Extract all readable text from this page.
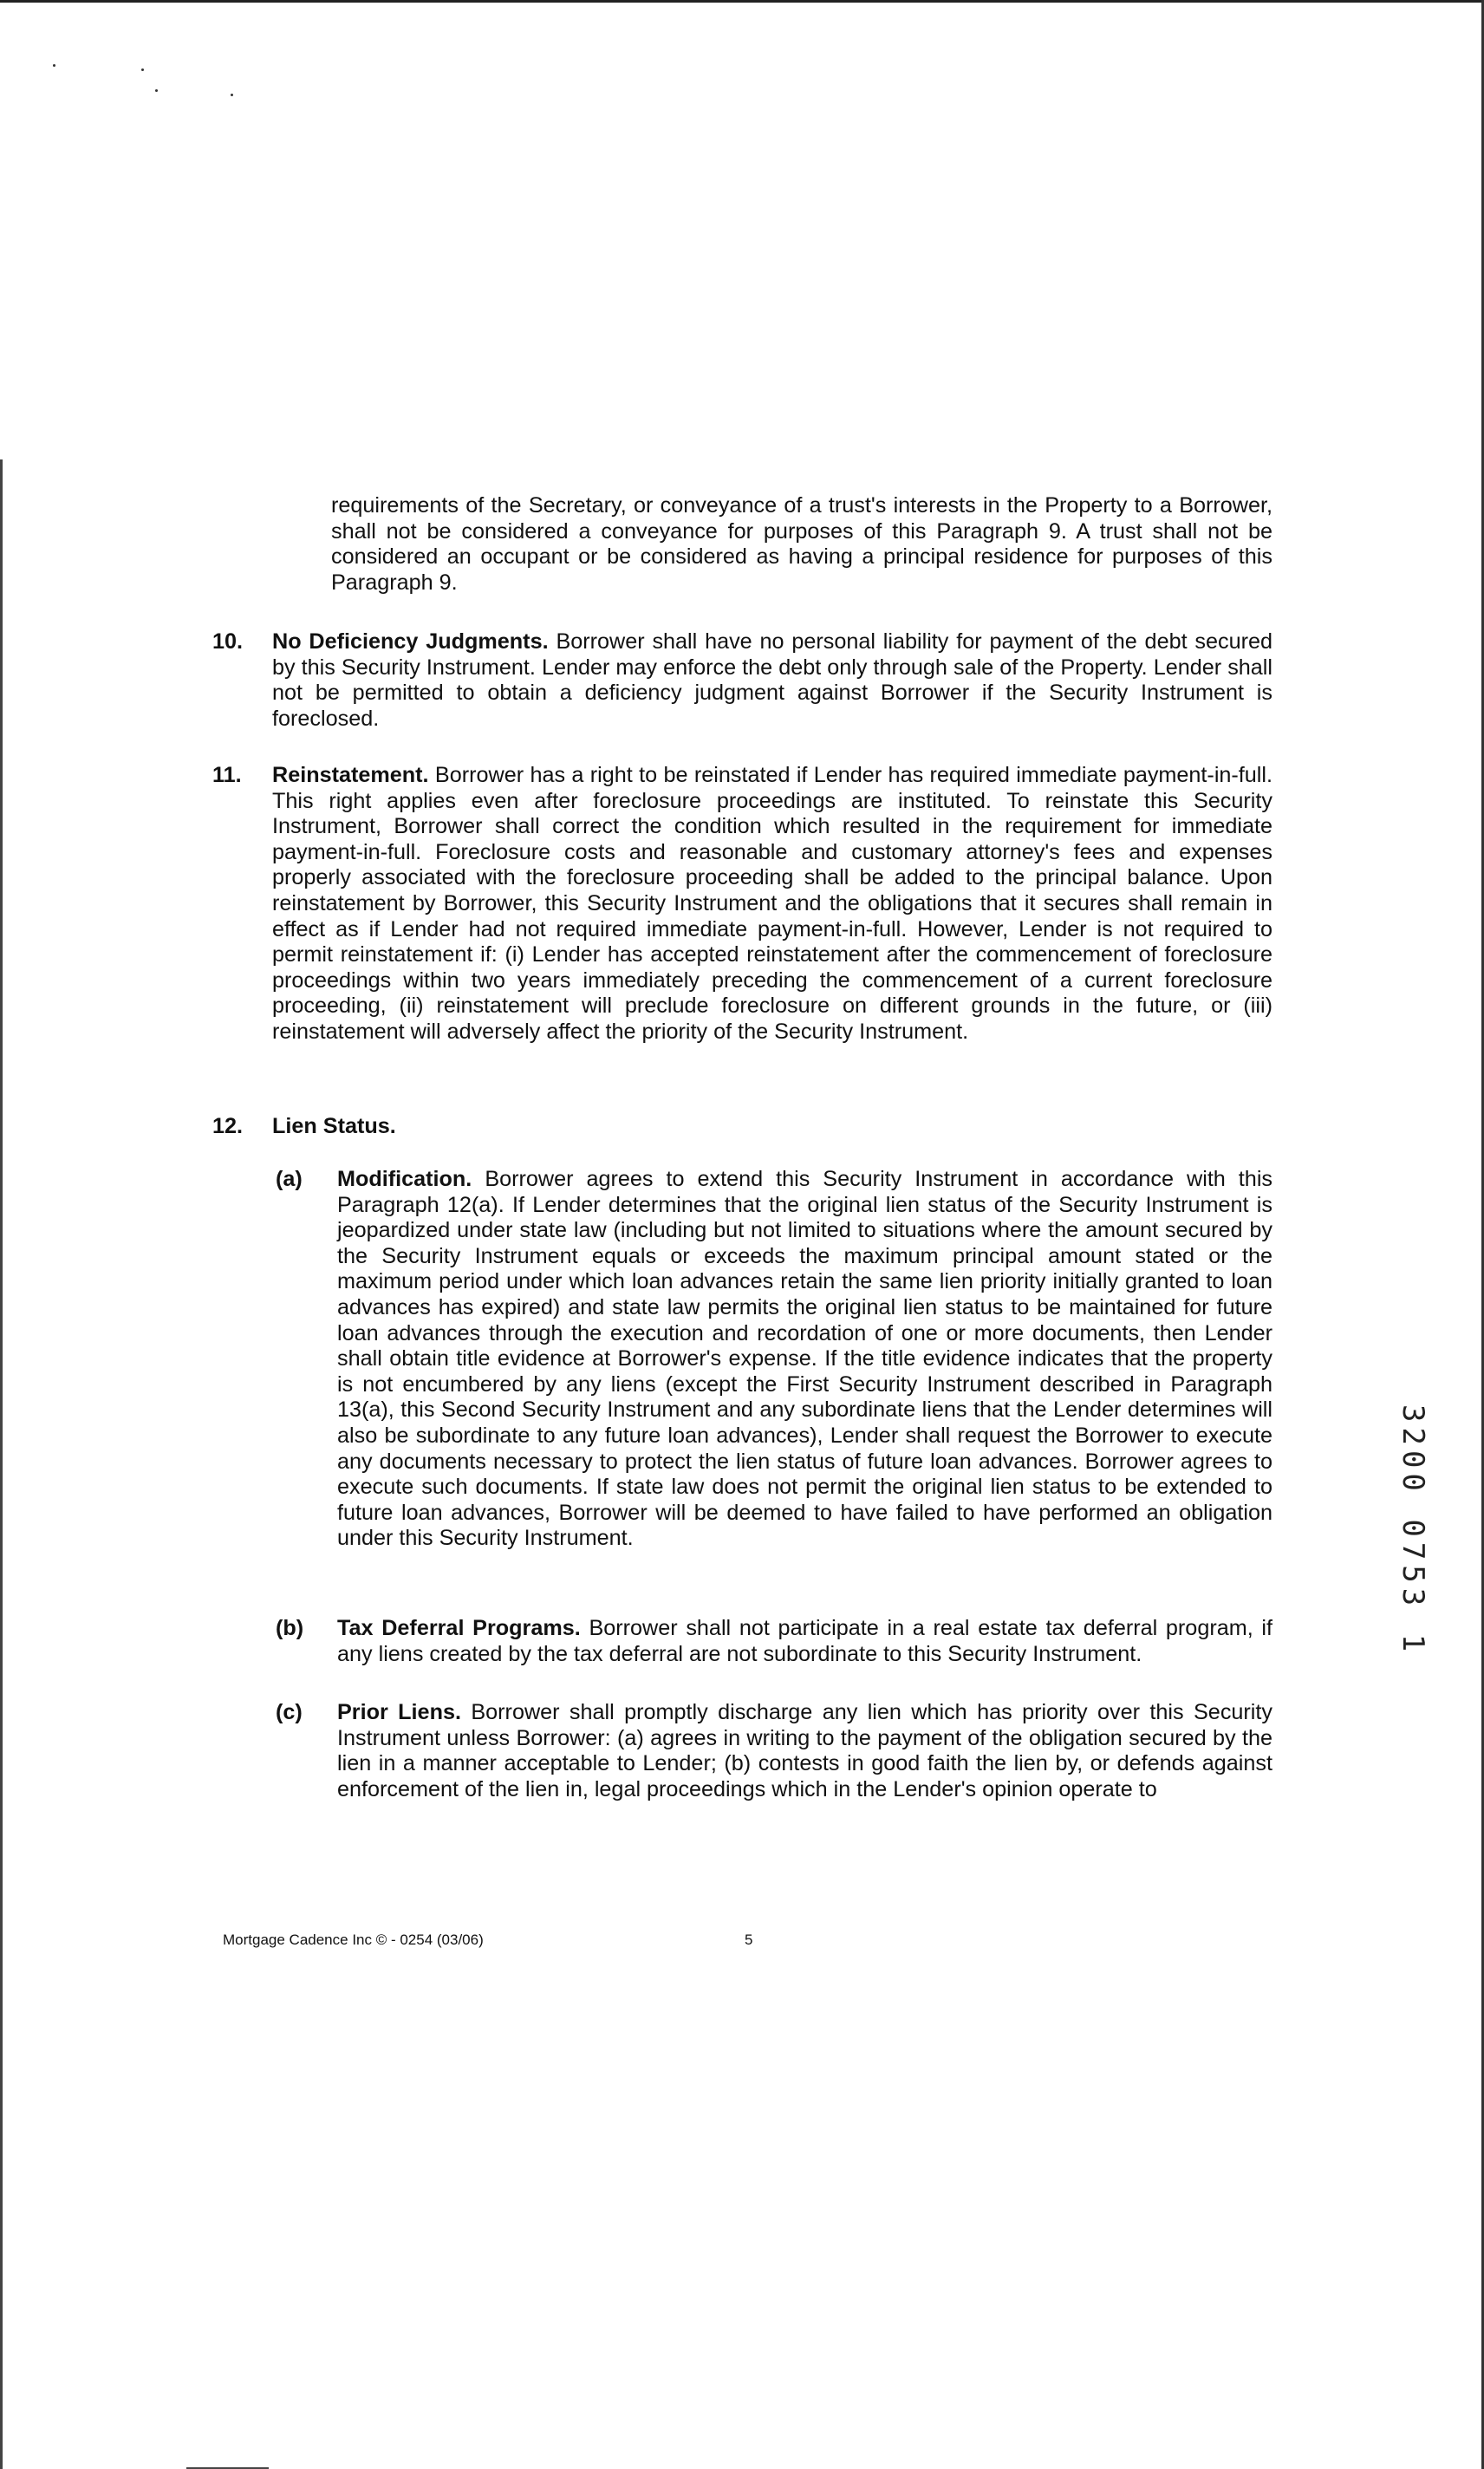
requirements of the Secretary, or conveyance of a trust's interests in the Property to a Borrower, shall not be considered a conveyance for purposes of this Paragraph 9. A trust shall not be considered an occupant or be considered as having a principal residence for purposes of this Paragraph 9.
10. No Deficiency Judgments. Borrower shall have no personal liability for payment of the debt secured by this Security Instrument. Lender may enforce the debt only through sale of the Property. Lender shall not be permitted to obtain a deficiency judgment against Borrower if the Security Instrument is foreclosed.
11. Reinstatement. Borrower has a right to be reinstated if Lender has required immediate payment-in-full. This right applies even after foreclosure proceedings are instituted. To reinstate this Security Instrument, Borrower shall correct the condition which resulted in the requirement for immediate payment-in-full. Foreclosure costs and reasonable and customary attorney's fees and expenses properly associated with the foreclosure proceeding shall be added to the principal balance. Upon reinstatement by Borrower, this Security Instrument and the obligations that it secures shall remain in effect as if Lender had not required immediate payment-in-full. However, Lender is not required to permit reinstatement if: (i) Lender has accepted reinstatement after the commencement of foreclosure proceedings within two years immediately preceding the commencement of a current foreclosure proceeding, (ii) reinstatement will preclude foreclosure on different grounds in the future, or (iii) reinstatement will adversely affect the priority of the Security Instrument.
12. Lien Status.
(a) Modification. Borrower agrees to extend this Security Instrument in accordance with this Paragraph 12(a). If Lender determines that the original lien status of the Security Instrument is jeopardized under state law (including but not limited to situations where the amount secured by the Security Instrument equals or exceeds the maximum principal amount stated or the maximum period under which loan advances retain the same lien priority initially granted to loan advances has expired) and state law permits the original lien status to be maintained for future loan advances through the execution and recordation of one or more documents, then Lender shall obtain title evidence at Borrower's expense. If the title evidence indicates that the property is not encumbered by any liens (except the First Security Instrument described in Paragraph 13(a), this Second Security Instrument and any subordinate liens that the Lender determines will also be subordinate to any future loan advances), Lender shall request the Borrower to execute any documents necessary to protect the lien status of future loan advances. Borrower agrees to execute such documents. If state law does not permit the original lien status to be extended to future loan advances, Borrower will be deemed to have failed to have performed an obligation under this Security Instrument.
(b) Tax Deferral Programs. Borrower shall not participate in a real estate tax deferral program, if any liens created by the tax deferral are not subordinate to this Security Instrument.
(c) Prior Liens. Borrower shall promptly discharge any lien which has priority over this Security Instrument unless Borrower: (a) agrees in writing to the payment of the obligation secured by the lien in a manner acceptable to Lender; (b) contests in good faith the lien by, or defends against enforcement of the lien in, legal proceedings which in the Lender's opinion operate to
Mortgage Cadence Inc © - 0254 (03/06)	5
3200 0753 1
